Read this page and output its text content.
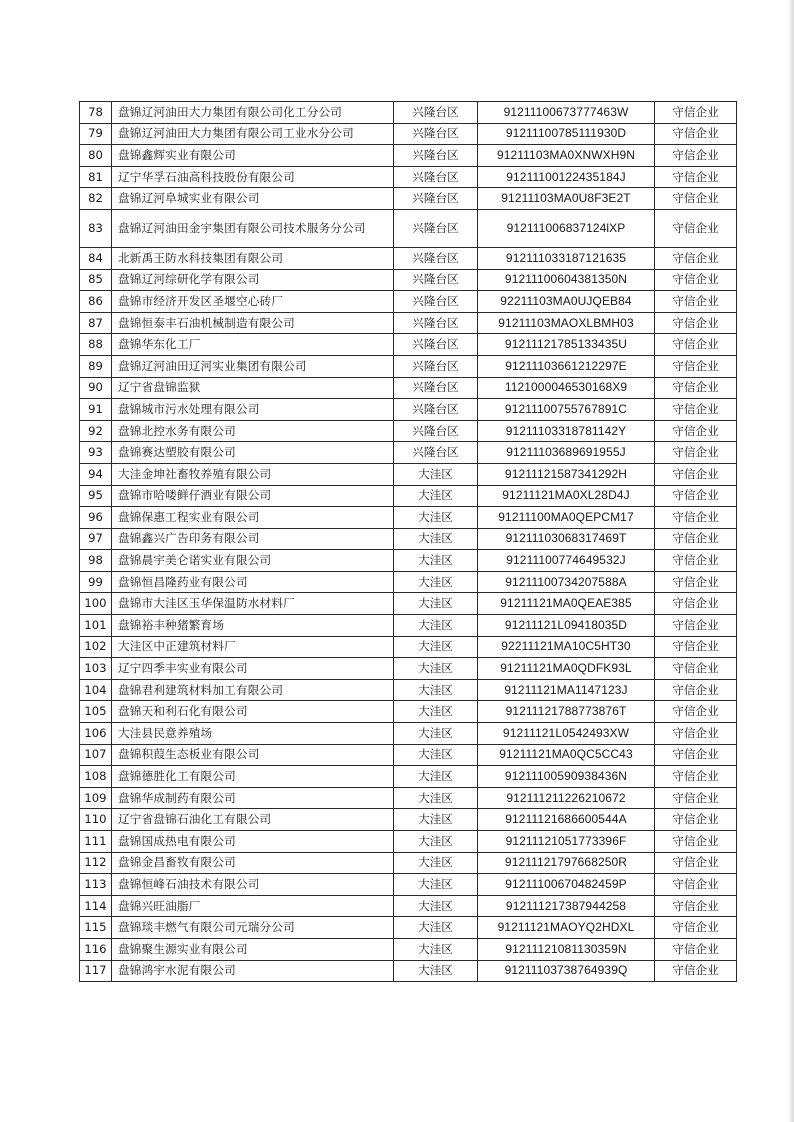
78	盘锦辽河油田大力集团有限公司化工分公司	兴隆台区	91211100673777463W	守信企业
79	盘锦辽河油田大力集团有限公司工业水分公司	兴隆台区	91211100785111930D	守信企业
80	盘锦鑫辉实业有限公司	兴隆台区	91211103MA0XNWXH9N	守信企业
81	辽宁华孚石油高科技股份有限公司	兴隆台区	91211100122435184J	守信企业
82	盘锦辽河阜城实业有限公司	兴隆台区	91211103MA0U8F3E2T	守信企业
83	盘锦辽河油田金宇集团有限公司技术服务分公司	兴隆台区	912111006837124lXP	守信企业
84	北新禹王防水科技集团有限公司	兴隆台区	912111033187121635	守信企业
85	盘锦辽河综研化学有限公司	兴隆台区	91211100604381350N	守信企业
86	盘锦市经济开发区圣堰空心砖厂	兴隆台区	92211103MA0UJQEB84	守信企业
87	盘锦恒泰丰石油机械制造有限公司	兴隆台区	91211103MAOXLBMH03	守信企业
88	盘锦华东化工厂	兴隆台区	91211121785133435U	守信企业
89	盘锦辽河油田辽河实业集团有限公司	兴隆台区	91211103661212297E	守信企业
90	辽宁省盘锦监狱	兴隆台区	1121000046530168X9	守信企业
91	盘锦城市污水处理有限公司	兴隆台区	91211100755767891C	守信企业
92	盘锦北控水务有限公司	兴隆台区	91211103318781142Y	守信企业
93	盘锦赛达塑胶有限公司	兴隆台区	91211103689691955J	守信企业
94	大洼金坤社畜牧养殖有限公司	大洼区	91211121587341292H	守信企业
95	盘锦市哈喽鲜仔酒业有限公司	大洼区	91211121MA0XL28D4J	守信企业
96	盘锦保惠工程实业有限公司	大洼区	91211100MA0QEPCM17	守信企业
97	盘锦鑫兴广告印务有限公司	大洼区	91211103068317469T	守信企业
98	盘锦晨宇美仑诺实业有限公司	大洼区	91211100774649532J	守信企业
99	盘锦恒昌隆药业有限公司	大洼区	91211100734207588A	守信企业
100	盘锦市大洼区玉华保温防水材料厂	大洼区	91211121MA0QEAE385	守信企业
101	盘锦裕丰种猪繁育场	大洼区	91211121L09418035D	守信企业
102	大洼区中正建筑材料厂	大洼区	92211121MA10C5HT30	守信企业
103	辽宁四季丰实业有限公司	大洼区	91211121MA0QDFK93L	守信企业
104	盘锦君利建筑材料加工有限公司	大洼区	91211121MA1147123J	守信企业
105	盘锦天和利石化有限公司	大洼区	91211121788773876T	守信企业
106	大洼县民意养殖场	大洼区	91211121L0542493XW	守信企业
107	盘锦积葭生态板业有限公司	大洼区	91211121MA0QC5CC43	守信企业
108	盘锦德胜化工有限公司	大洼区	91211100590938436N	守信企业
109	盘锦华成制药有限公司	大洼区	912111211226210672	守信企业
110	辽宁省盘锦石油化工有限公司	大洼区	91211121686600544A	守信企业
111	盘锦国成热电有限公司	大洼区	91211121051773396F	守信企业
112	盘锦金昌畜牧有限公司	大洼区	91211121797668250R	守信企业
113	盘锦恒峰石油技术有限公司	大洼区	91211100670482459P	守信企业
114	盘锦兴旺油脂厂	大洼区	912111217387944258	守信企业
115	盘锦琰丰燃气有限公司元瑞分公司	大洼区	91211121MAOYQ2HDXL	守信企业
116	盘锦聚生源实业有限公司	大洼区	91211121081130359N	守信企业
117	盘锦鸿宇水泥有限公司	大洼区	91211103738764939Q	守信企业
